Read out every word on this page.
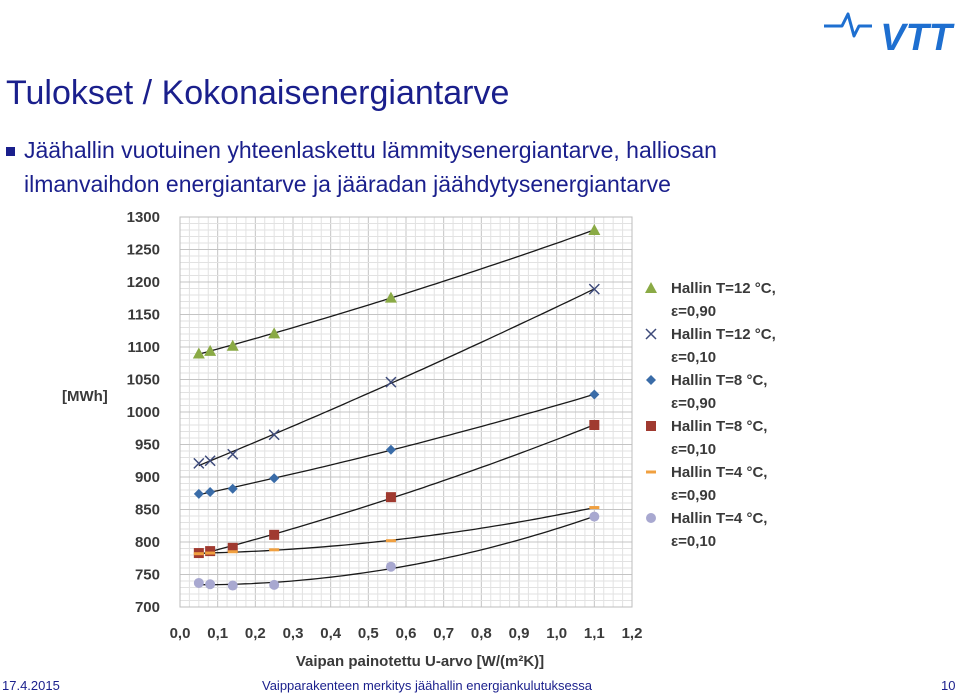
Tulokset / Kokonaisenergiantarve
Jäähallin vuotuinen yhteenlaskettu lämmitysenergiantarve, halliosan
ilmanvaihdon energiantarve ja jääradan jäähdytysenergiantarve
VTT
700
750
800
850
900
950
1000
1050
1100
1150
1200
1250
1300
0,0 0,1 0,2 0,3 0,4 0,5 0,6 0,7 0,8 0,9 1,0 1,1 1,2
[MWh]
Vaipan painotettu U-arvo [W/(m²K)]
Hallin T=12 °C,
ε=0,90
Hallin T=12 °C,
ε=0,10
Hallin T=8 °C,
ε=0,90
Hallin T=8 °C,
ε=0,10
Hallin T=4 °C,
ε=0,90
Hallin T=4 °C,
ε=0,10
17.4.2015	Vaipparakenteen merkitys jäähallin energiankulutuksessa	10
